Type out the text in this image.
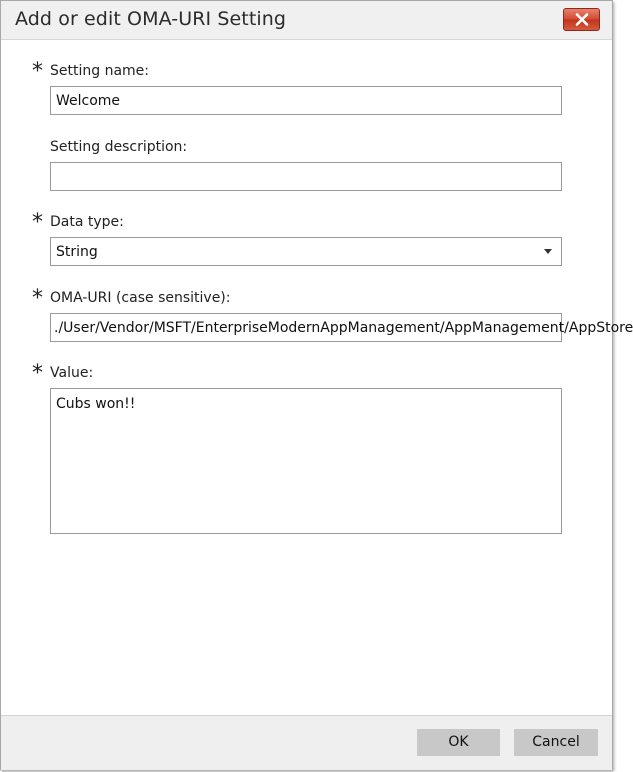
Add or edit OMA-URI Setting
* Setting name:
Welcome
Setting description:
* Data type:
String
* OMA-URI (case sensitive):
./User/Vendor/MSFT/EnterpriseModernAppManagement/AppManagement/AppStore
* Value:
Cubs won!!
OK	Cancel
